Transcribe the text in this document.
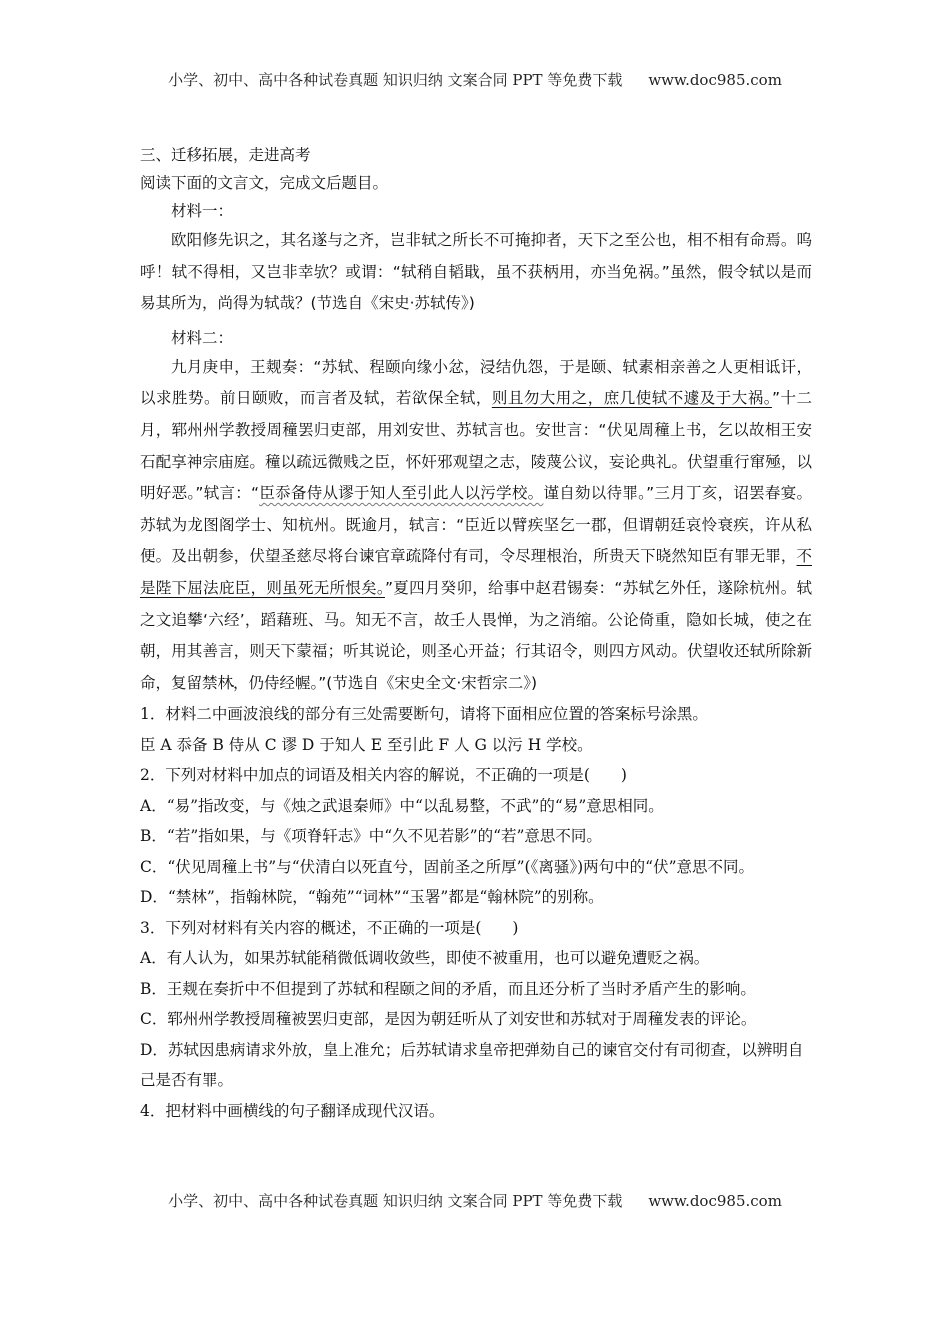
小学、初中、高中各种试卷真题 知识归纳 文案合同 PPT 等免费下载 www.doc985.com
三、迁移拓展，走进高考
阅读下面的文言文，完成文后题目。
材料一：
欧阳修先识之，其名遂与之齐，岂非轼之所长不可掩抑者，天下之至公也，相不相有命焉。呜呼！轼不得相，又岂非幸欤？或谓：“轼稍自韬戢，虽不获柄用，亦当免祸。”虽然，假令轼以是而易其所为，尚得为轼哉？(节选自《宋史·苏轼传》)
材料二：
九月庚申，王觌奏：“苏轼、程颐向缘小忿，浸结仇怨，于是颐、轼素相亲善之人更相诋讦，以求胜势。前日颐败，而言者及轼，若欲保全轼，则且勿大用之，庶几使轼不遽及于大祸。”十二月，郓州州学教授周穜罢归吏部，用刘安世、苏轼言也。安世言：“伏见周穜上书，乞以故相王安石配享神宗庙庭。穜以疏远微贱之臣，怀奸邪观望之志，陵蔑公议，妄论典礼。伏望重行窜殛，以明好恶。”轼言：“臣忝备侍从谬于知人至引此人以污学校。谨自劾以待罪。”三月丁亥，诏罢春宴。苏轼为龙图阁学士、知杭州。既逾月，轼言：“臣近以臂疾坚乞一郡，但谓朝廷哀怜衰疾，许从私便。及出朝参，伏望圣慈尽将台谏官章疏降付有司，令尽理根治，所贵天下晓然知臣有罪无罪，不是陛下屈法庇臣，则虽死无所恨矣。”夏四月癸卯，给事中赵君锡奏：“苏轼乞外任，遂除杭州。轼之文追攀‘六经’，蹈藉班、马。知无不言，故壬人畏惮，为之消缩。公论倚重，隐如长城，使之在朝，用其善言，则天下蒙福；听其说论，则圣心开益；行其诏令，则四方风动。伏望收还轼所除新命，复留禁林，仍侍经幄。”(节选自《宋史全文·宋哲宗二》)
1．材料二中画波浪线的部分有三处需要断句，请将下面相应位置的答案标号涂黑。
臣 A 忝备 B 侍从 C 谬 D 于知人 E 至引此 F 人 G 以污 H 学校。
2．下列对材料中加点的词语及相关内容的解说，不正确的一项是(　　)
A．“易”指改变，与《烛之武退秦师》中“以乱易整，不武”的“易”意思相同。
B．“若”指如果，与《项脊轩志》中“久不见若影”的“若”意思不同。
C．“伏见周穜上书”与“伏清白以死直兮，固前圣之所厚”(《离骚》)两句中的“伏”意思不同。
D．“禁林”，指翰林院，“翰苑”“词林”“玉署”都是“翰林院”的别称。
3．下列对材料有关内容的概述，不正确的一项是(　　)
A．有人认为，如果苏轼能稍微低调收敛些，即使不被重用，也可以避免遭贬之祸。
B．王觌在奏折中不但提到了苏轼和程颐之间的矛盾，而且还分析了当时矛盾产生的影响。
C．郓州州学教授周穜被罢归吏部，是因为朝廷听从了刘安世和苏轼对于周穜发表的评论。
D．苏轼因患病请求外放，皇上准允；后苏轼请求皇帝把弹劾自己的谏官交付有司彻查，以辨明自己是否有罪。
4．把材料中画横线的句子翻译成现代汉语。
小学、初中、高中各种试卷真题 知识归纳 文案合同 PPT 等免费下载 www.doc985.com
